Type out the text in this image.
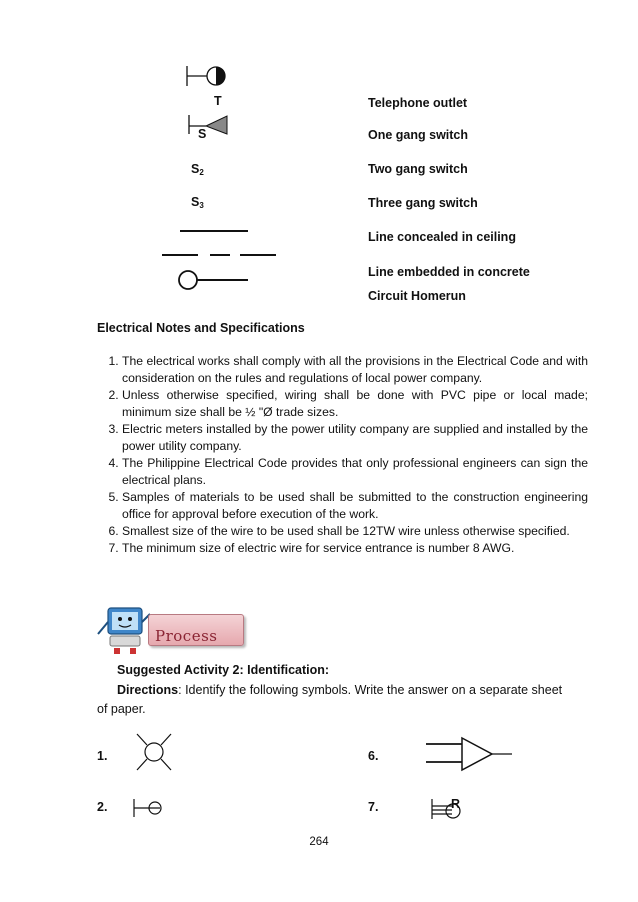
T	Telephone outlet
S	One gang switch
$S_2$	Two gang switch
$S_3$	Three gang switch
Line concealed in ceiling
Line embedded in concrete
Circuit Homerun
Electrical Notes and Specifications
1. The electrical works shall comply with all the provisions in the Electrical Code and with consideration on the rules and regulations of local power company.
2. Unless otherwise specified, wiring shall be done with PVC pipe or local made; minimum size shall be ½ "Ø trade sizes.
3. Electric meters installed by the power utility company are supplied and installed by the power utility company.
4. The Philippine Electrical Code provides that only professional engineers can sign the electrical plans.
5. Samples of materials to be used shall be submitted to the construction engineering office for approval before execution of the work.
6. Smallest size of the wire to be used shall be 12TW wire unless otherwise specified.
7. The minimum size of electric wire for service entrance is number 8 AWG.
Process
Suggested Activity 2: Identification:
Directions: Identify the following symbols. Write the answer on a separate sheet of paper.
1.	6.
2.	7.	R
264
